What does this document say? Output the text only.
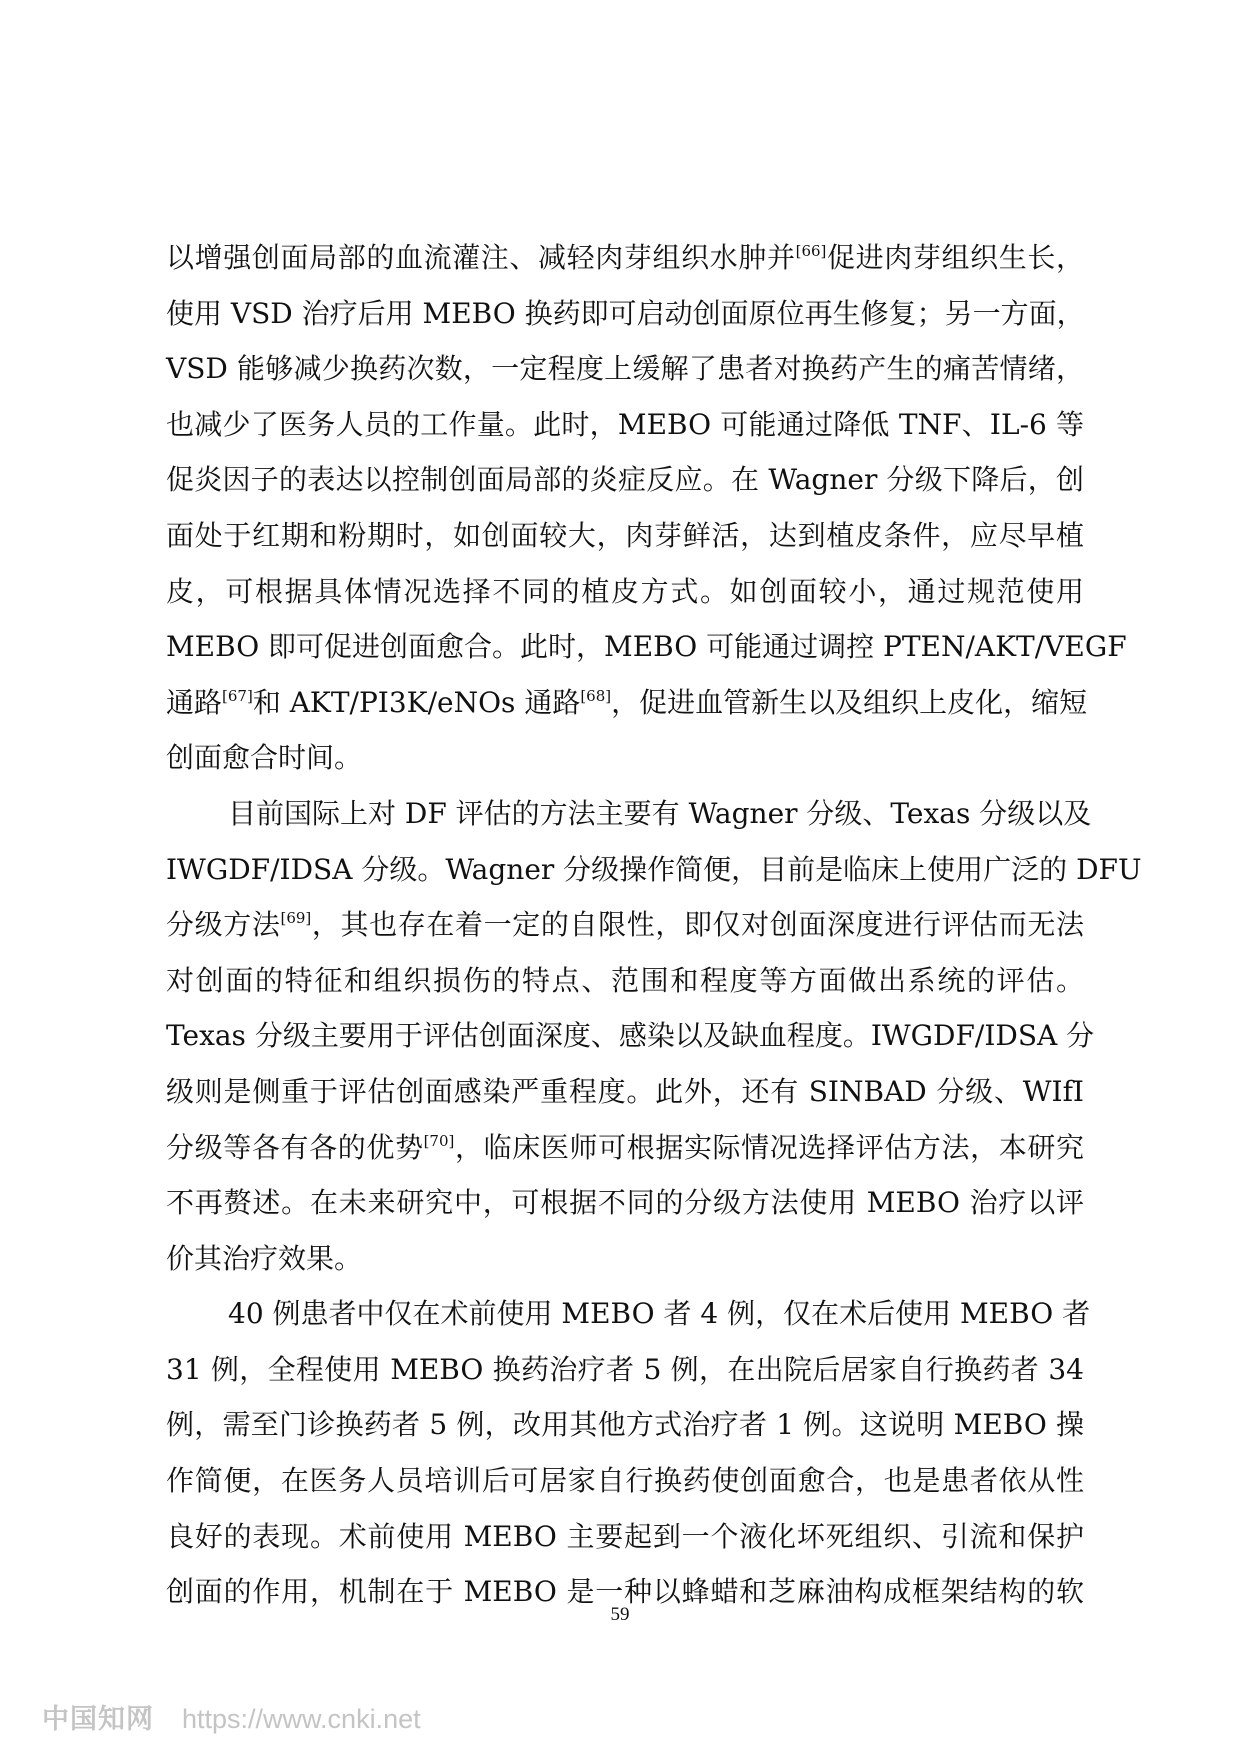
以增强创面局部的血流灌注、减轻肉芽组织水肿并[66]促进肉芽组织生长，
使用 VSD 治疗后用 MEBO 换药即可启动创面原位再生修复；另一方面，
VSD 能够减少换药次数，一定程度上缓解了患者对换药产生的痛苦情绪，
也减少了医务人员的工作量。此时，MEBO 可能通过降低 TNF、IL-6 等
促炎因子的表达以控制创面局部的炎症反应。在 Wagner 分级下降后，创
面处于红期和粉期时，如创面较大，肉芽鲜活，达到植皮条件，应尽早植
皮，可根据具体情况选择不同的植皮方式。如创面较小，通过规范使用
MEBO 即可促进创面愈合。此时，MEBO 可能通过调控 PTEN/AKT/VEGF
通路[67]和 AKT/PI3K/eNOs 通路[68]，促进血管新生以及组织上皮化，缩短
创面愈合时间。
目前国际上对 DF 评估的方法主要有 Wagner 分级、Texas 分级以及
IWGDF/IDSA 分级。Wagner 分级操作简便，目前是临床上使用广泛的 DFU
分级方法[69]，其也存在着一定的自限性，即仅对创面深度进行评估而无法
对创面的特征和组织损伤的特点、范围和程度等方面做出系统的评估。
Texas 分级主要用于评估创面深度、感染以及缺血程度。IWGDF/IDSA 分
级则是侧重于评估创面感染严重程度。此外，还有 SINBAD 分级、WIfI
分级等各有各的优势[70]，临床医师可根据实际情况选择评估方法，本研究
不再赘述。在未来研究中，可根据不同的分级方法使用 MEBO 治疗以评
价其治疗效果。
40 例患者中仅在术前使用 MEBO 者 4 例，仅在术后使用 MEBO 者
31 例，全程使用 MEBO 换药治疗者 5 例，在出院后居家自行换药者 34
例，需至门诊换药者 5 例，改用其他方式治疗者 1 例。这说明 MEBO 操
作简便，在医务人员培训后可居家自行换药使创面愈合，也是患者依从性
良好的表现。术前使用 MEBO 主要起到一个液化坏死组织、引流和保护
创面的作用，机制在于 MEBO 是一种以蜂蜡和芝麻油构成框架结构的软
59
中国知网 https://www.cnki.net
